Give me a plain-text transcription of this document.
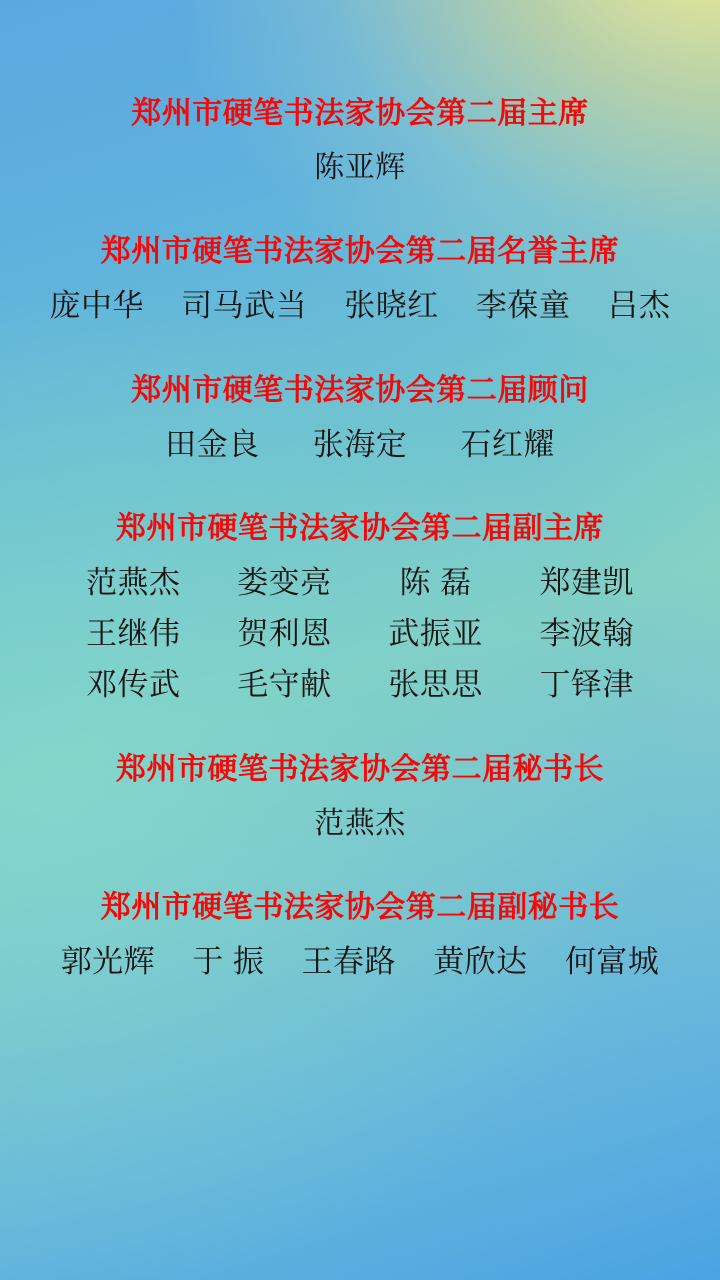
郑州市硬笔书法家协会第二届主席
陈亚辉
郑州市硬笔书法家协会第二届名誉主席
庞中华 司马武当 张晓红 李葆童 吕杰
郑州市硬笔书法家协会第二届顾问
田金良 张海定 石红耀
郑州市硬笔书法家协会第二届副主席
范燕杰 娄变亮 陈 磊 郑建凯
王继伟 贺利恩 武振亚 李波翰
邓传武 毛守献 张思思 丁铎津
郑州市硬笔书法家协会第二届秘书长
范燕杰
郑州市硬笔书法家协会第二届副秘书长
郭光辉 于 振 王春路 黄欣达 何富城
